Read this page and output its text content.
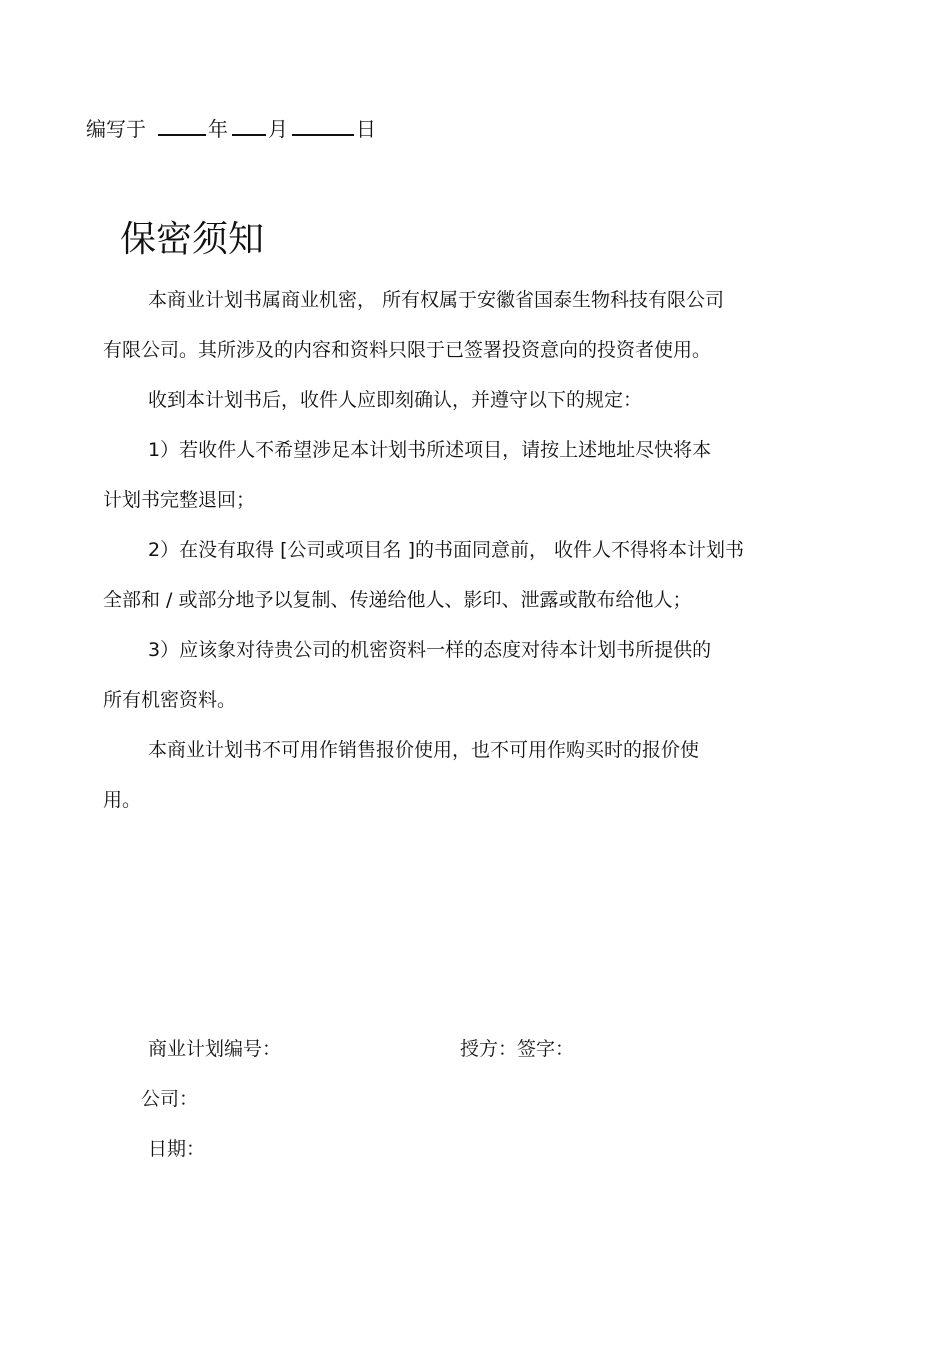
编写于	年 月	日
保密须知
本商业计划书属商业机密， 所有权属于安徽省国泰生物科技有限公司
有限公司。其所涉及的内容和资料只限于已签署投资意向的投资者使用。
收到本计划书后，收件人应即刻确认，并遵守以下的规定：
1）若收件人不希望涉足本计划书所述项目，请按上述地址尽快将本
计划书完整退回；
2）在没有取得 [公司或项目名 ]的书面同意前， 收件人不得将本计划书
全部和 / 或部分地予以复制、传递给他人、影印、泄露或散布给他人；
3）应该象对待贵公司的机密资料一样的态度对待本计划书所提供的
所有机密资料。
本商业计划书不可用作销售报价使用，也不可用作购买时的报价使
用。
商业计划编号：	授方：签字：
公司：
日期：
